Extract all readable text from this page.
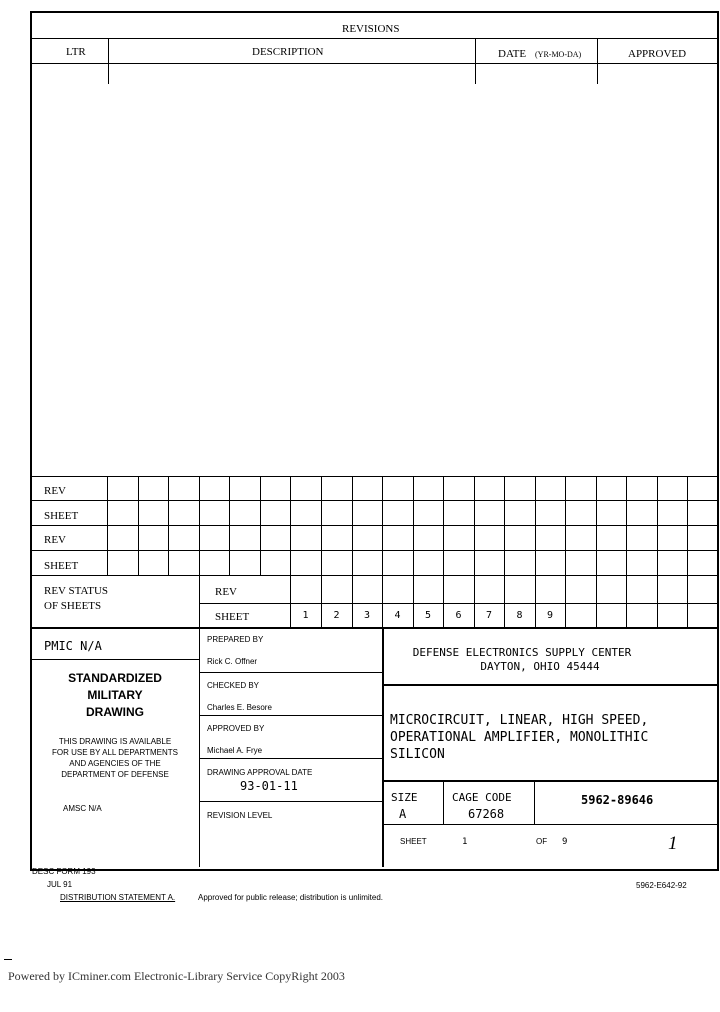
REVISIONS
LTR	DESCRIPTION	DATE (YR-MO-DA)	APPROVED
REV
SHEET
REV
SHEET
REV STATUS
OF SHEETS
REV
SHEET	1	2	3	4	5	6	7	8	9
PMIC N/A
STANDARDIZED
MILITARY
DRAWING
THIS DRAWING IS AVAILABLE
FOR USE BY ALL DEPARTMENTS
AND AGENCIES OF THE
DEPARTMENT OF DEFENSE
AMSC N/A
PREPARED BY
Rick C. Offner
CHECKED BY
Charles E. Besore
APPROVED BY
Michael A. Frye
DRAWING APPROVAL DATE
93-01-11
REVISION LEVEL
DEFENSE ELECTRONICS SUPPLY CENTER
DAYTON, OHIO 45444
MICROCIRCUIT, LINEAR, HIGH SPEED,
OPERATIONAL AMPLIFIER, MONOLITHIC
SILICON
SIZE
A
CAGE CODE
67268
5962-89646
SHEET	1	OF 9	1
DESC FORM 193
JUL 91
DISTRIBUTION STATEMENT A.	Approved for public release; distribution is unlimited.
5962-E642-92
Powered by ICminer.com Electronic-Library Service CopyRight 2003
